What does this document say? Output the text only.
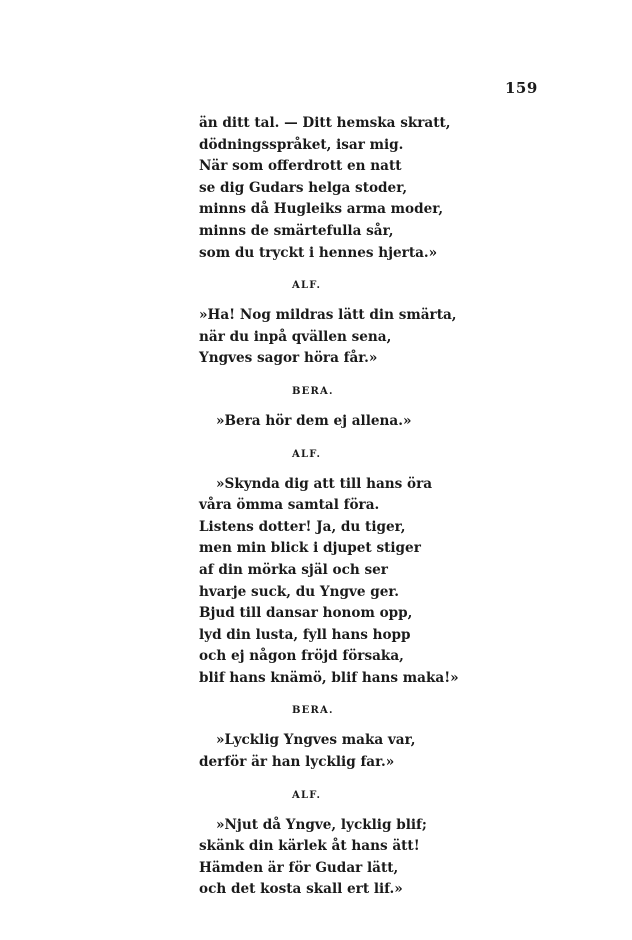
159
än ditt tal. — Ditt hemska skratt,
dödningsspråket, isar mig.
När som offerdrott en natt
se dig Gudars helga stoder,
minns då Hugleiks arma moder,
minns de smärtefulla sår,
som du tryckt i hennes hjerta.»
ALF.
»Ha! Nog mildras lätt din smärta,
när du inpå qvällen sena,
Yngves sagor höra får.»
BERA.
»Bera hör dem ej allena.»
ALF.
»Skynda dig att till hans öra
våra ömma samtal föra.
Listens dotter! Ja, du tiger,
men min blick i djupet stiger
af din mörka själ och ser
hvarje suck, du Yngve ger.
Bjud till dansar honom opp,
lyd din lusta, fyll hans hopp
och ej någon fröjd försaka,
blif hans knämö, blif hans maka!»
BERA.
»Lycklig Yngves maka var,
derför är han lycklig far.»
ALF.
»Njut då Yngve, lycklig blif;
skänk din kärlek åt hans ätt!
Hämden är för Gudar lätt,
och det kosta skall ert lif.»
